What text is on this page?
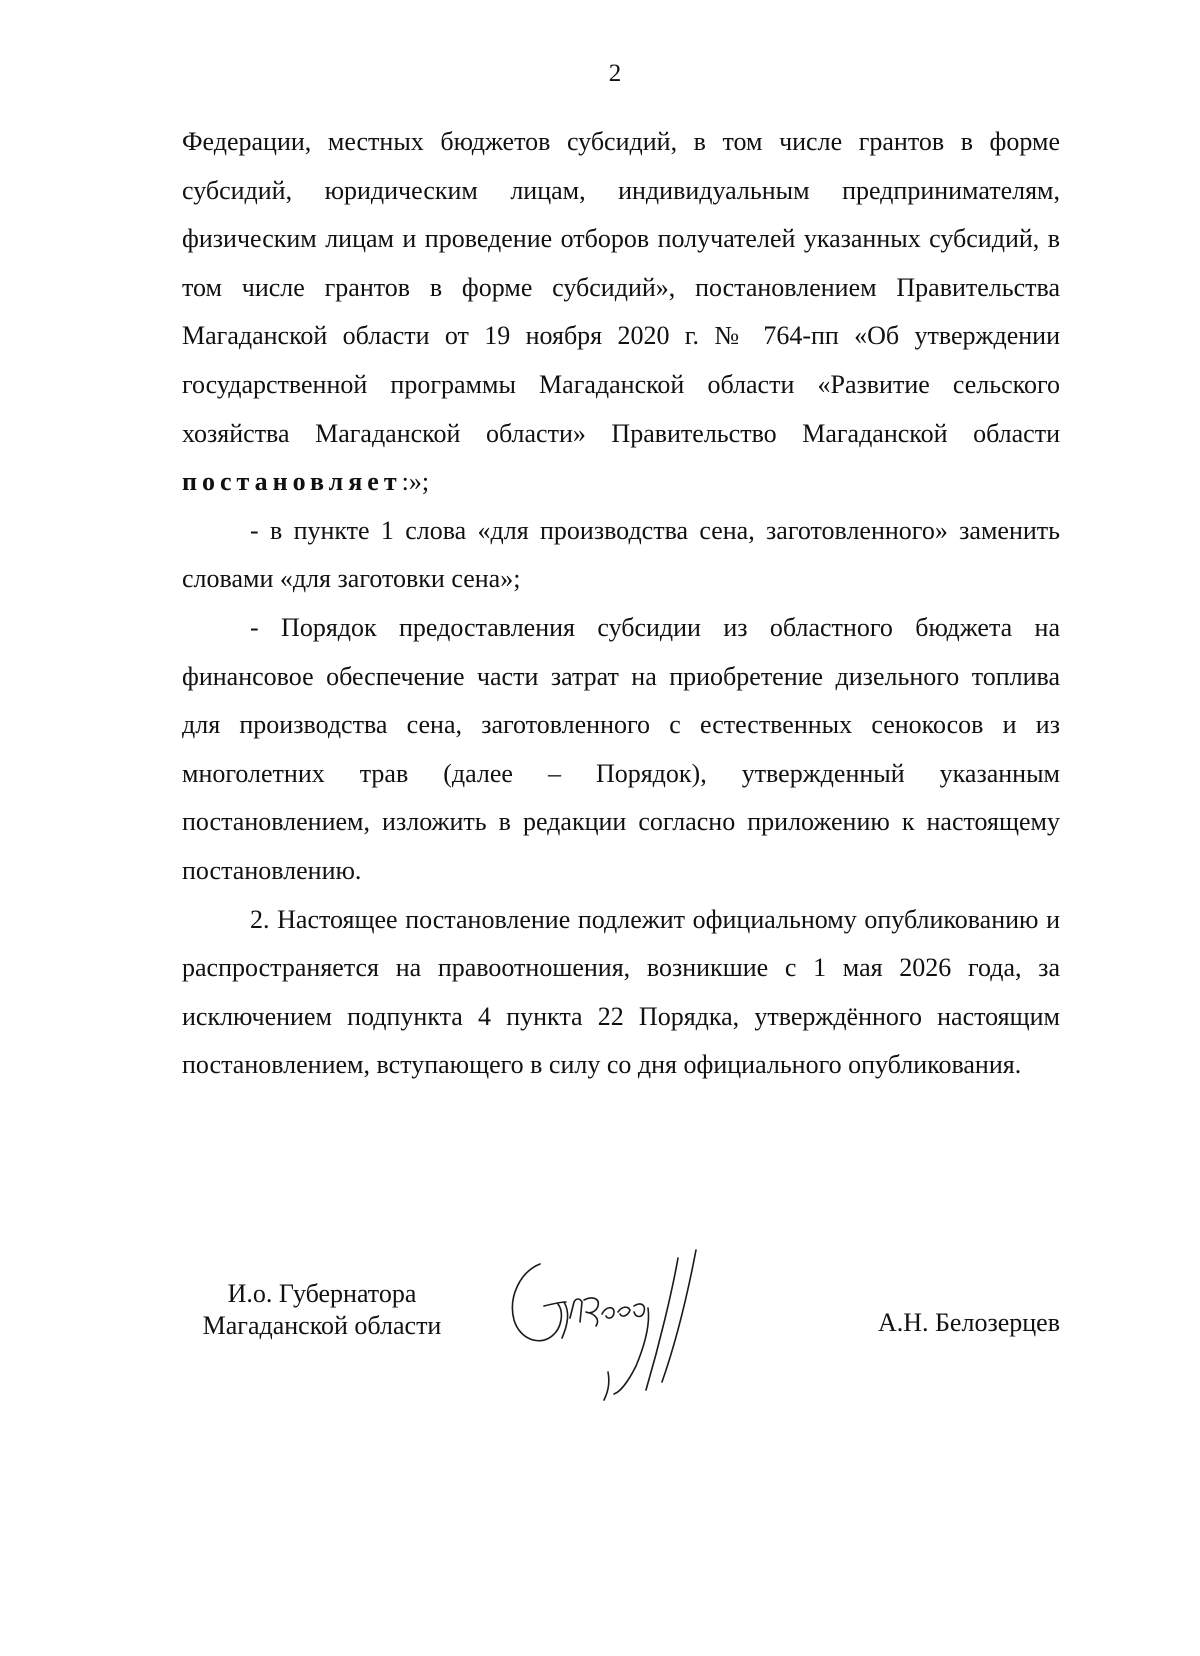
2

Федерации, местных бюджетов субсидий, в том числе грантов в форме субсидий, юридическим лицам, индивидуальным предпринимателям, физическим лицам и проведение отборов получателей указанных субсидий, в том числе грантов в форме субсидий», постановлением Правительства Магаданской области от 19 ноября 2020 г. № 764-пп «Об утверждении государственной программы Магаданской области «Развитие сельского хозяйства Магаданской области» Правительство Магаданской области постановляет:»;

- в пункте 1 слова «для производства сена, заготовленного» заменить словами «для заготовки сена»;

- Порядок предоставления субсидии из областного бюджета на финансовое обеспечение части затрат на приобретение дизельного топлива для производства сена, заготовленного с естественных сенокосов и из многолетних трав (далее – Порядок), утвержденный указанным постановлением, изложить в редакции согласно приложению к настоящему постановлению.

2. Настоящее постановление подлежит официальному опубликованию и распространяется на правоотношения, возникшие с 1 мая 2026 года, за исключением подпункта 4 пункта 22 Порядка, утверждённого настоящим постановлением, вступающего в силу со дня официального опубликования.

И.о. Губернатора
Магаданской области	А.Н. Белозерцев
